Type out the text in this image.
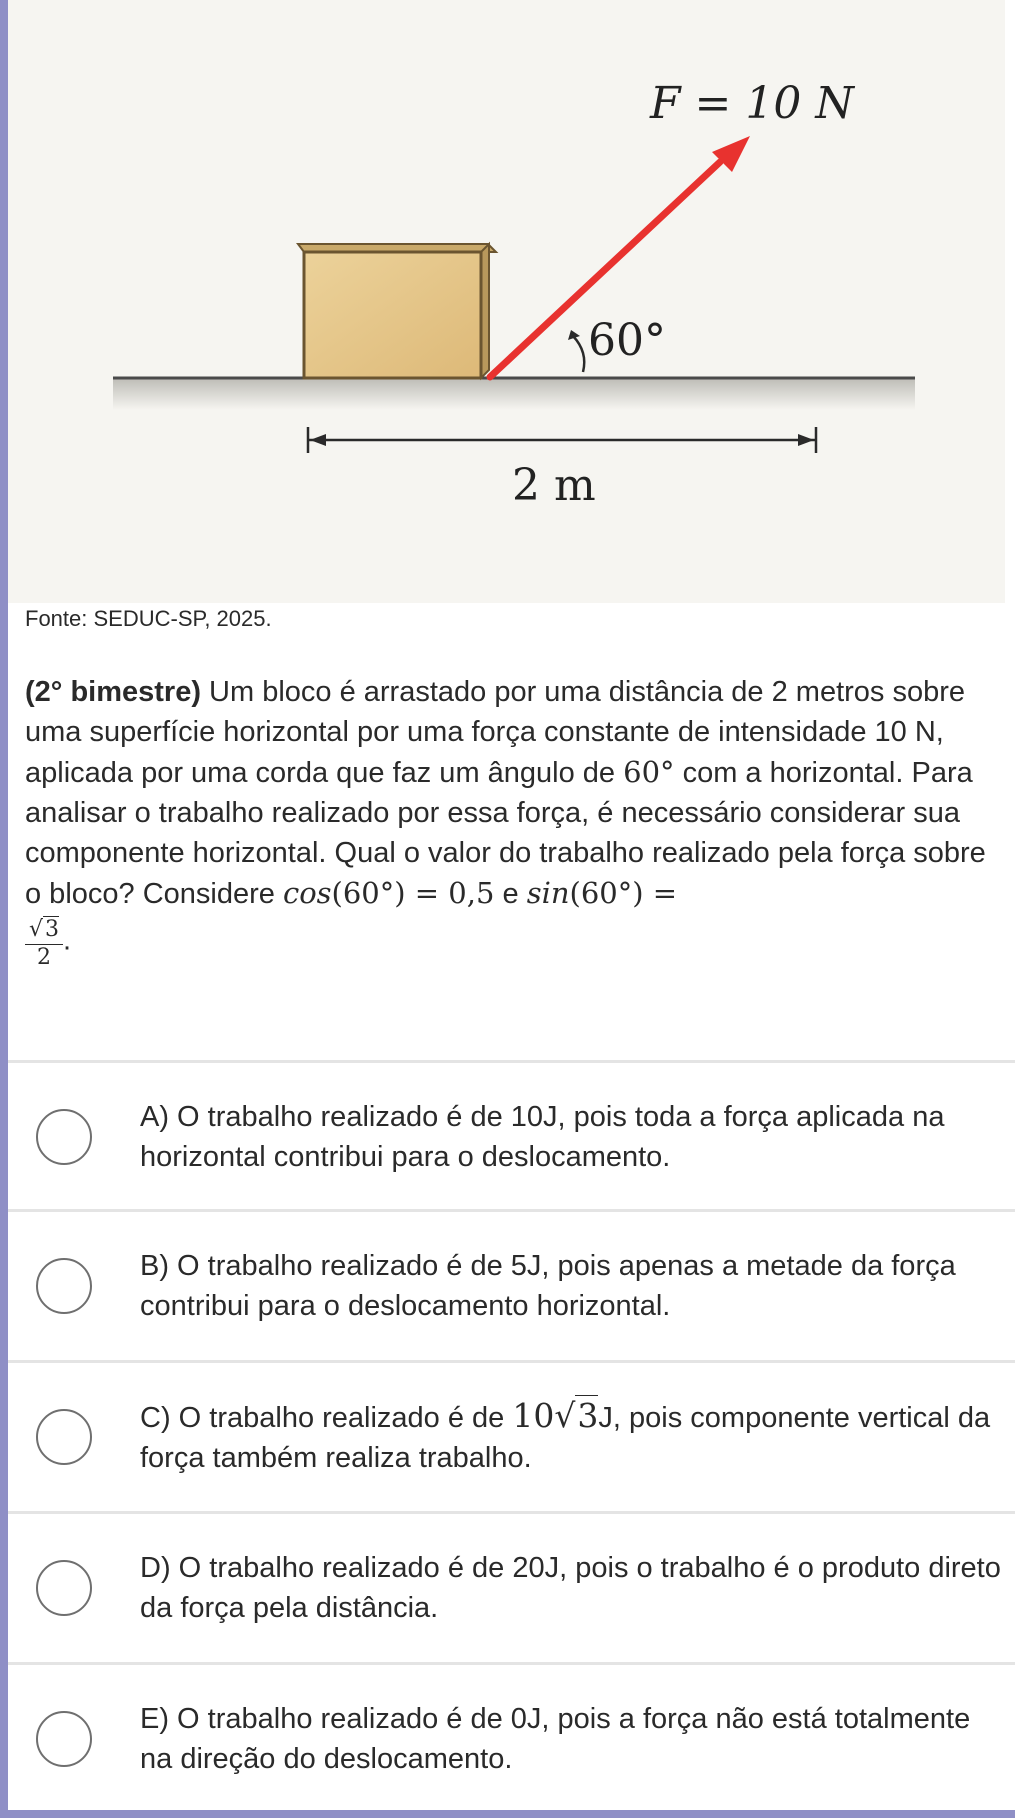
F = 10 N
60°
2 m
Fonte: SEDUC-SP, 2025.
(2° bimestre) Um bloco é arrastado por uma distância de 2 metros sobre uma superfície horizontal por uma força constante de intensidade 10 N, aplicada por uma corda que faz um ângulo de 60° com a horizontal. Para analisar o trabalho realizado por essa força, é necessário considerar sua componente horizontal. Qual o valor do trabalho realizado pela força sobre o bloco? Considere cos(60°) = 0,5 e sin(60°) =

$\frac{√3}{2}$ .
A) O trabalho realizado é de 10J, pois toda a força aplicada na horizontal contribui para o deslocamento.
B) O trabalho realizado é de 5J, pois apenas a metade da força contribui para o deslocamento horizontal.
C) O trabalho realizado é de 10√3J, pois componente vertical da força também realiza trabalho.
D) O trabalho realizado é de 20J, pois o trabalho é o produto direto da força pela distância.
E) O trabalho realizado é de 0J, pois a força não está totalmente na direção do deslocamento.
